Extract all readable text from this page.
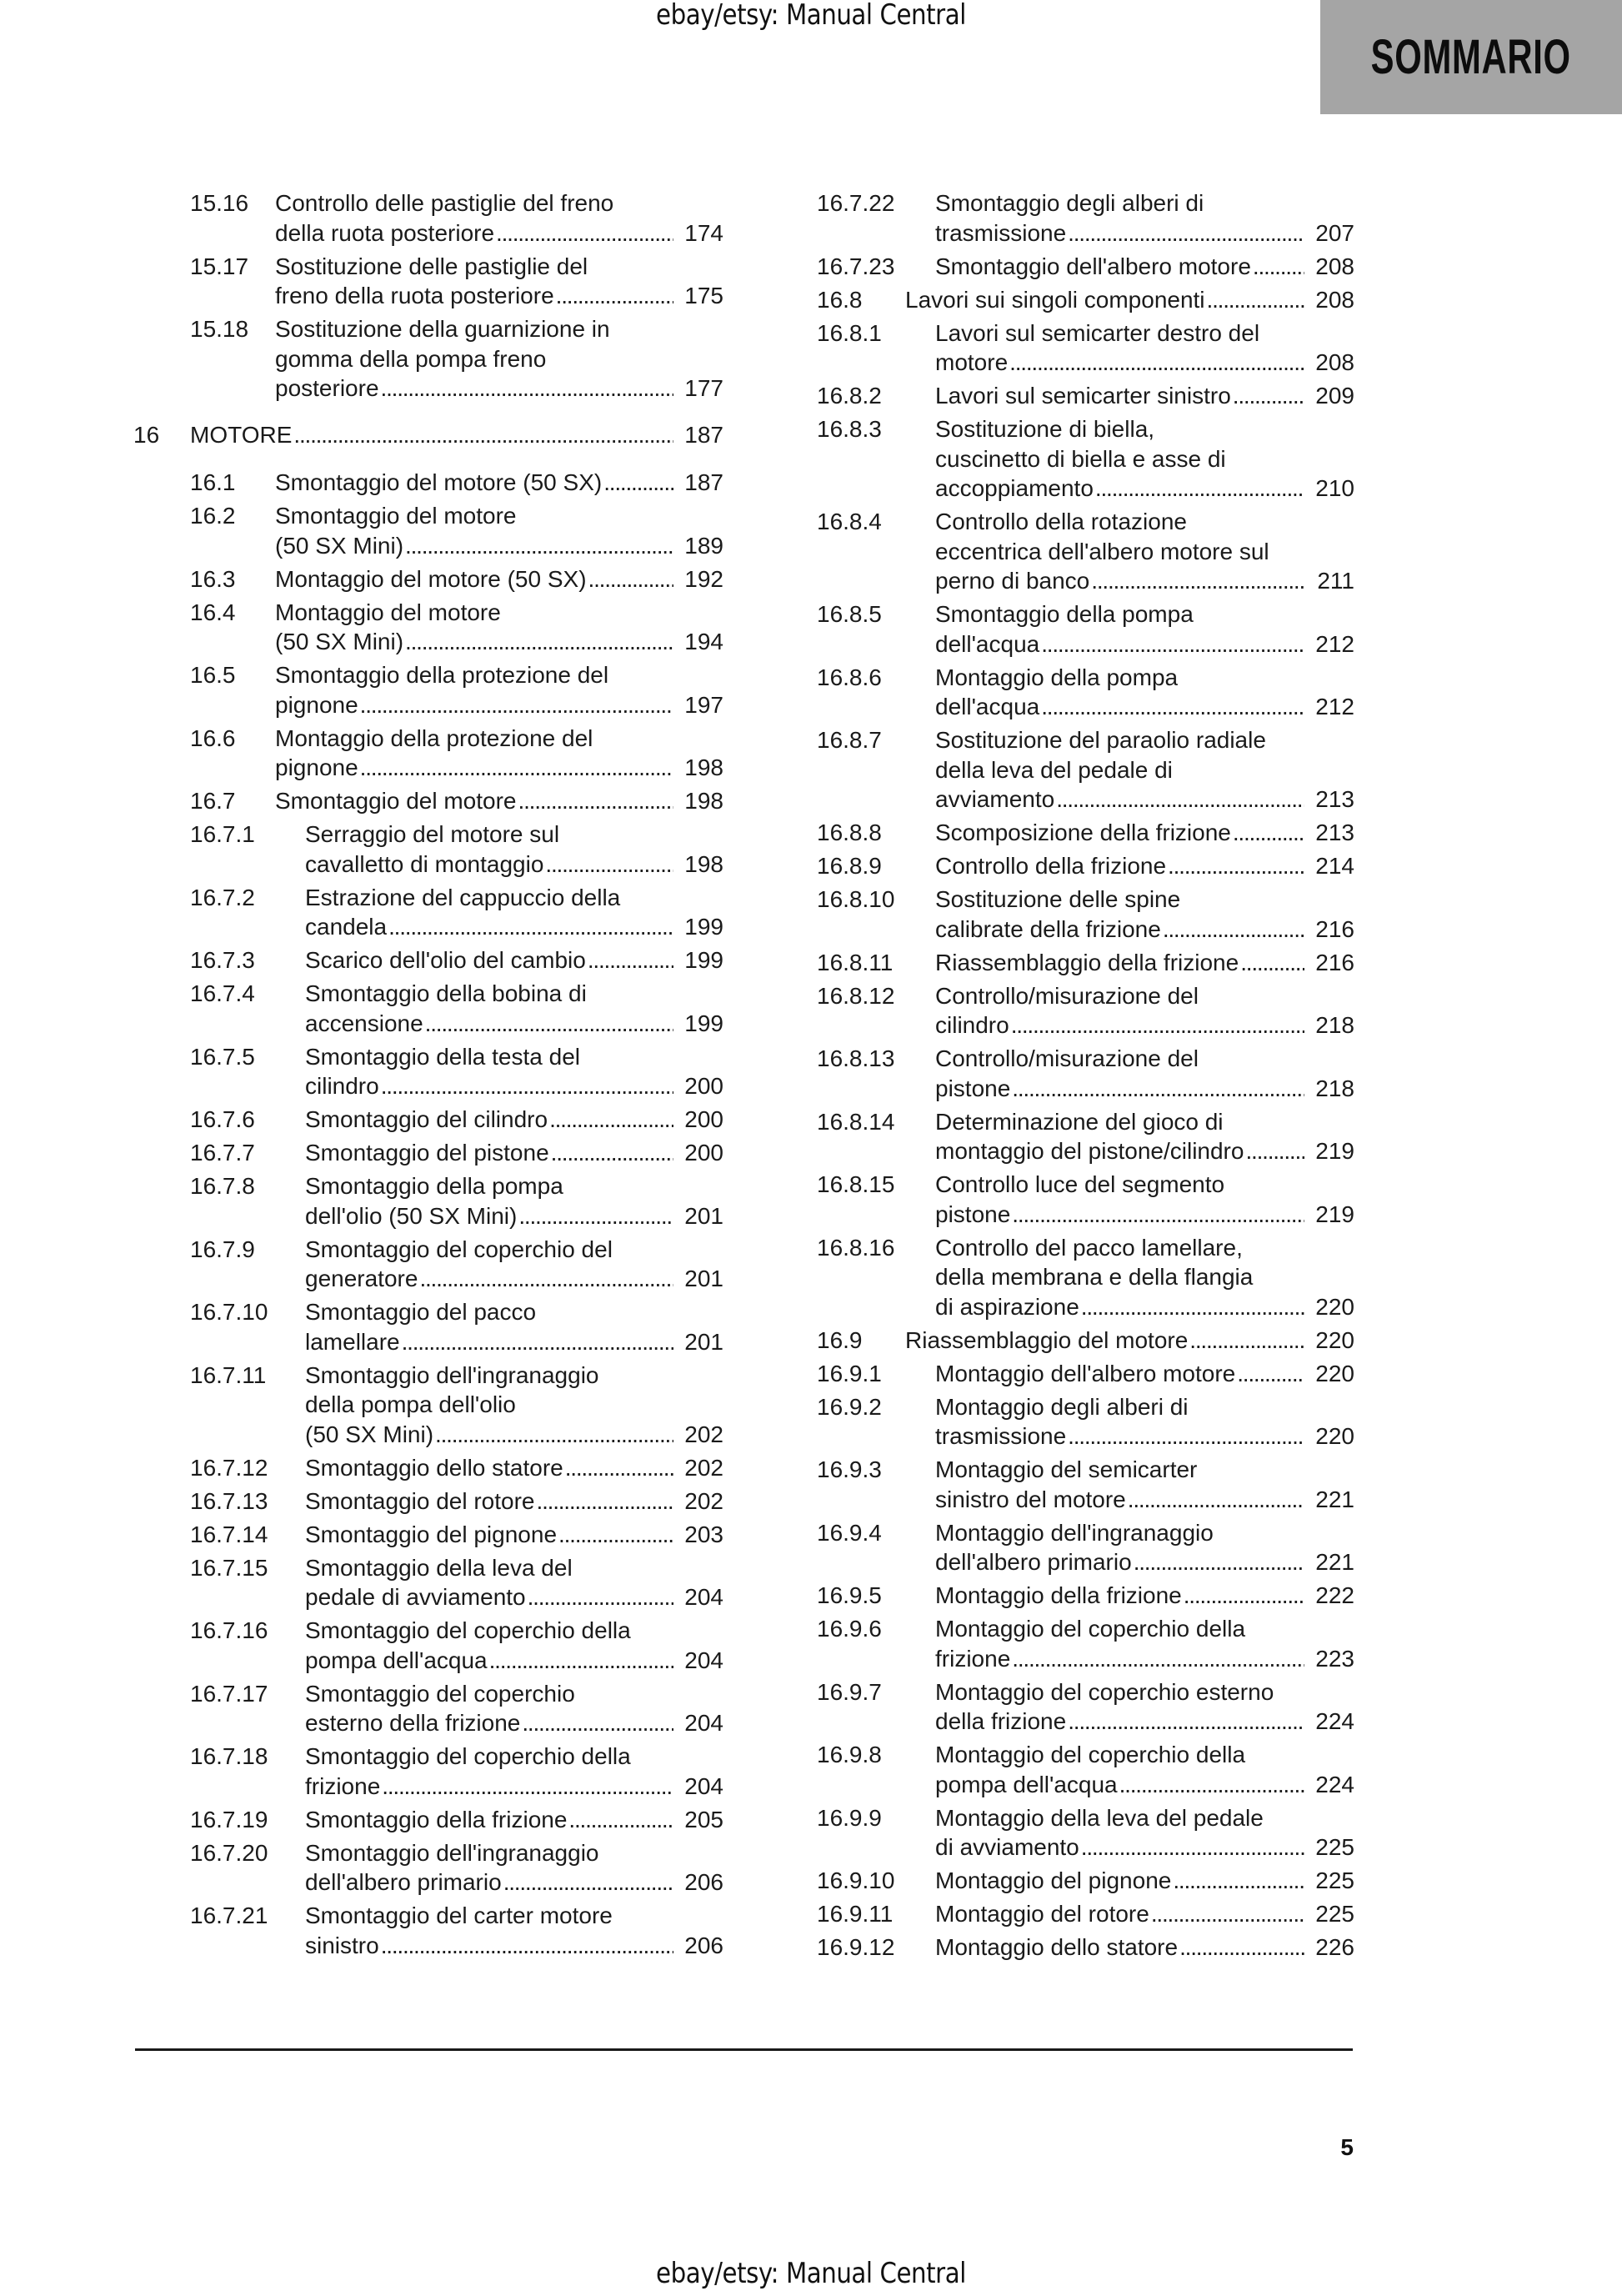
ebay/etsy: Manual Central
SOMMARIO
15.16 Controllo delle pastiglie del freno
della ruota posteriore . . .	174
15.17 Sostituzione delle pastiglie del
freno della ruota posteriore . . .	175
15.18 Sostituzione della guarnizione in
gomma della pompa freno
posteriore . . .	177
16 MOTORE . . .	187
16.1 Smontaggio del motore (50 SX) . . .	187
16.2 Smontaggio del motore
(50 SX Mini) . . .	189
16.3 Montaggio del motore (50 SX) . . .	192
16.4 Montaggio del motore
(50 SX Mini) . . .	194
16.5 Smontaggio della protezione del
pignone . . .	197
16.6 Montaggio della protezione del
pignone . . .	198
16.7 Smontaggio del motore . . .	198
16.7.1 Serraggio del motore sul
cavalletto di montaggio . . .	198
16.7.2 Estrazione del cappuccio della
candela . . .	199
16.7.3 Scarico dell'olio del cambio . . .	199
16.7.4 Smontaggio della bobina di
accensione . . .	199
16.7.5 Smontaggio della testa del
cilindro . . .	200
16.7.6 Smontaggio del cilindro . . .	200
16.7.7 Smontaggio del pistone . . .	200
16.7.8 Smontaggio della pompa
dell'olio (50 SX Mini) . . .	201
16.7.9 Smontaggio del coperchio del
generatore . . .	201
16.7.10 Smontaggio del pacco
lamellare . . .	201
16.7.11 Smontaggio dell'ingranaggio
della pompa dell'olio
(50 SX Mini) . . .	202
16.7.12 Smontaggio dello statore . . .	202
16.7.13 Smontaggio del rotore . . .	202
16.7.14 Smontaggio del pignone . . .	203
16.7.15 Smontaggio della leva del
pedale di avviamento . . .	204
16.7.16 Smontaggio del coperchio della
pompa dell'acqua . . .	204
16.7.17 Smontaggio del coperchio
esterno della frizione . . .	204
16.7.18 Smontaggio del coperchio della
frizione . . .	204
16.7.19 Smontaggio della frizione . . .	205
16.7.20 Smontaggio dell'ingranaggio
dell'albero primario . . .	206
16.7.21 Smontaggio del carter motore
sinistro . . .	206
16.7.22 Smontaggio degli alberi di
trasmissione . . .	207
16.7.23 Smontaggio dell'albero motore . . .	208
16.8 Lavori sui singoli componenti . . .	208
16.8.1 Lavori sul semicarter destro del
motore . . .	208
16.8.2 Lavori sul semicarter sinistro . . .	209
16.8.3 Sostituzione di biella,
cuscinetto di biella e asse di
accoppiamento . . .	210
16.8.4 Controllo della rotazione
eccentrica dell'albero motore sul
perno di banco . . .	211
16.8.5 Smontaggio della pompa
dell'acqua . . .	212
16.8.6 Montaggio della pompa
dell'acqua . . .	212
16.8.7 Sostituzione del paraolio radiale
della leva del pedale di
avviamento . . .	213
16.8.8 Scomposizione della frizione . . .	213
16.8.9 Controllo della frizione . . .	214
16.8.10 Sostituzione delle spine
calibrate della frizione . . .	216
16.8.11 Riassemblaggio della frizione . . .	216
16.8.12 Controllo/misurazione del
cilindro . . .	218
16.8.13 Controllo/misurazione del
pistone . . .	218
16.8.14 Determinazione del gioco di
montaggio del pistone/cilindro . . .	219
16.8.15 Controllo luce del segmento
pistone . . .	219
16.8.16 Controllo del pacco lamellare,
della membrana e della flangia
di aspirazione . . .	220
16.9 Riassemblaggio del motore . . .	220
16.9.1 Montaggio dell'albero motore . . .	220
16.9.2 Montaggio degli alberi di
trasmissione . . .	220
16.9.3 Montaggio del semicarter
sinistro del motore . . .	221
16.9.4 Montaggio dell'ingranaggio
dell'albero primario . . .	221
16.9.5 Montaggio della frizione . . .	222
16.9.6 Montaggio del coperchio della
frizione . . .	223
16.9.7 Montaggio del coperchio esterno
della frizione . . .	224
16.9.8 Montaggio del coperchio della
pompa dell'acqua . . .	224
16.9.9 Montaggio della leva del pedale
di avviamento . . .	225
16.9.10 Montaggio del pignone . . .	225
16.9.11 Montaggio del rotore . . .	225
16.9.12 Montaggio dello statore . . .	226
5
ebay/etsy: Manual Central
